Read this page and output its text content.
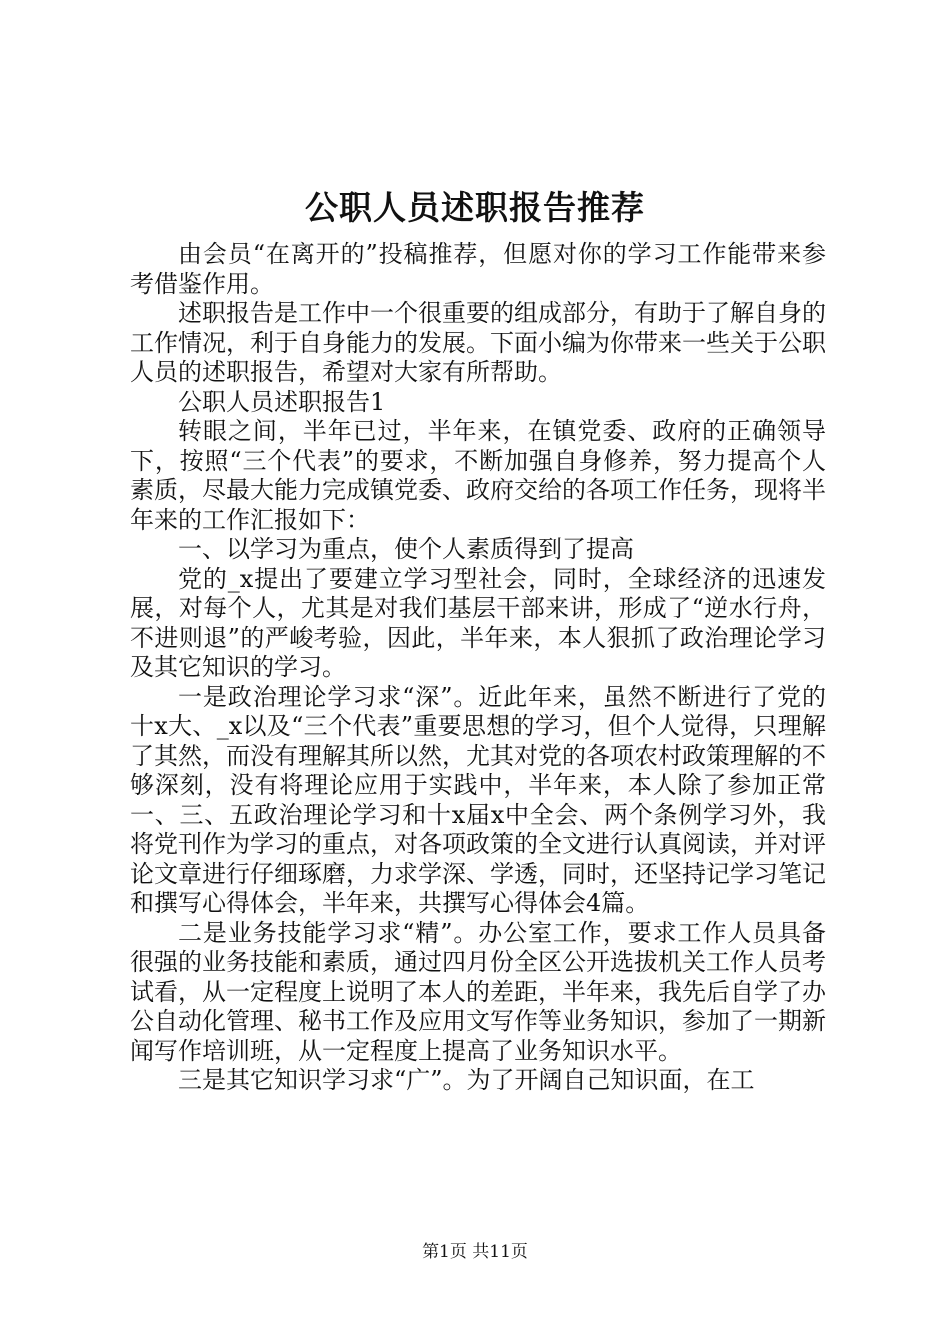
公职人员述职报告推荐

由会员“在离开的”投稿推荐，但愿对你的学习工作能带来参考借鉴作用。

述职报告是工作中一个很重要的组成部分，有助于了解自身的工作情况，利于自身能力的发展。下面小编为你带来一些关于公职人员的述职报告，希望对大家有所帮助。

公职人员述职报告1

转眼之间，半年已过，半年来，在镇党委、政府的正确领导下，按照“三个代表”的要求，不断加强自身修养，努力提高个人素质，尽最大能力完成镇党委、政府交给的各项工作任务，现将半年来的工作汇报如下：

一、以学习为重点，使个人素质得到了提高

党的_x提出了要建立学习型社会，同时，全球经济的迅速发展，对每个人，尤其是对我们基层干部来讲，形成了“逆水行舟，不进则退”的严峻考验，因此，半年来，本人狠抓了政治理论学习及其它知识的学习。

一是政治理论学习求“深”。近此年来，虽然不断进行了党的十x大、_x以及“三个代表”重要思想的学习，但个人觉得，只理解了其然，而没有理解其所以然，尤其对党的各项农村政策理解的不够深刻，没有将理论应用于实践中，半年来，本人除了参加正常一、三、五政治理论学习和十x届x中全会、两个条例学习外，我将党刊作为学习的重点，对各项政策的全文进行认真阅读，并对评论文章进行仔细琢磨，力求学深、学透，同时，还坚持记学习笔记和撰写心得体会，半年来，共撰写心得体会4篇。

二是业务技能学习求“精”。办公室工作，要求工作人员具备很强的业务技能和素质，通过四月份全区公开选拔机关工作人员考试看，从一定程度上说明了本人的差距，半年来，我先后自学了办公自动化管理、秘书工作及应用文写作等业务知识，参加了一期新闻写作培训班，从一定程度上提高了业务知识水平。

三是其它知识学习求“广”。为了开阔自己知识面，在工

第1页 共11页
